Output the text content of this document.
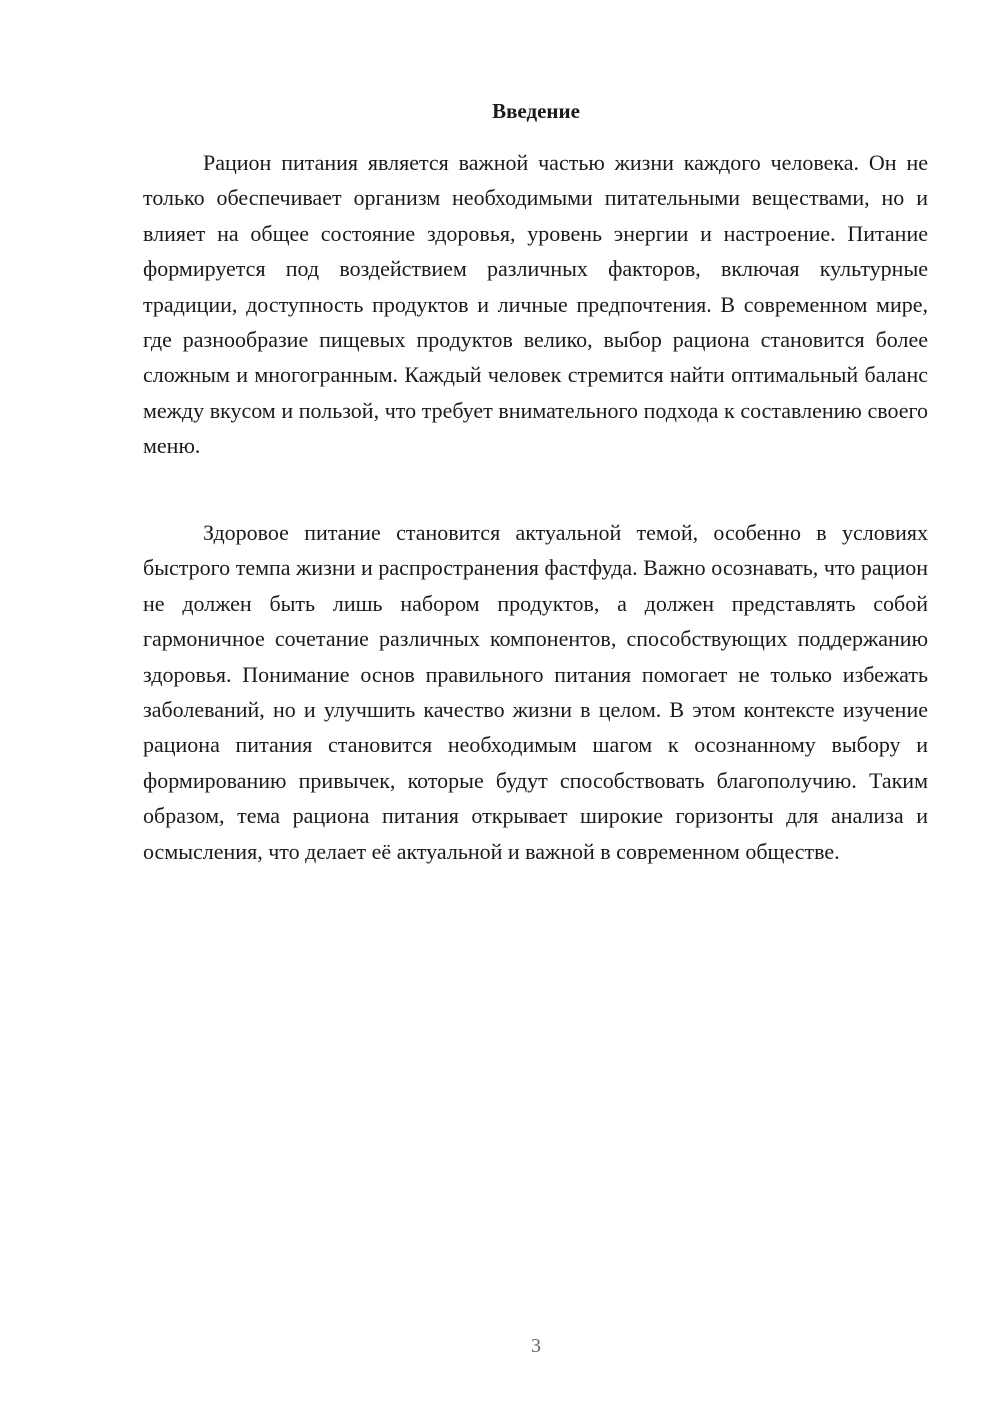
Введение

Рацион питания является важной частью жизни каждого человека. Он не только обеспечивает организм необходимыми питательными веществами, но и влияет на общее состояние здоровья, уровень энергии и настроение. Питание формируется под воздействием различных факторов, включая культурные традиции, доступность продуктов и личные предпочтения. В современном мире, где разнообразие пищевых продуктов велико, выбор рациона становится более сложным и многогранным. Каждый человек стремится найти оптимальный баланс между вкусом и пользой, что требует внимательного подхода к составлению своего меню.

Здоровое питание становится актуальной темой, особенно в условиях быстрого темпа жизни и распространения фастфуда. Важно осознавать, что рацион не должен быть лишь набором продуктов, а должен представлять собой гармоничное сочетание различных компонентов, способствующих поддержанию здоровья. Понимание основ правильного питания помогает не только избежать заболеваний, но и улучшить качество жизни в целом. В этом контексте изучение рациона питания становится необходимым шагом к осознанному выбору и формированию привычек, которые будут способствовать благополучию. Таким образом, тема рациона питания открывает широкие горизонты для анализа и осмысления, что делает её актуальной и важной в современном обществе.

3
